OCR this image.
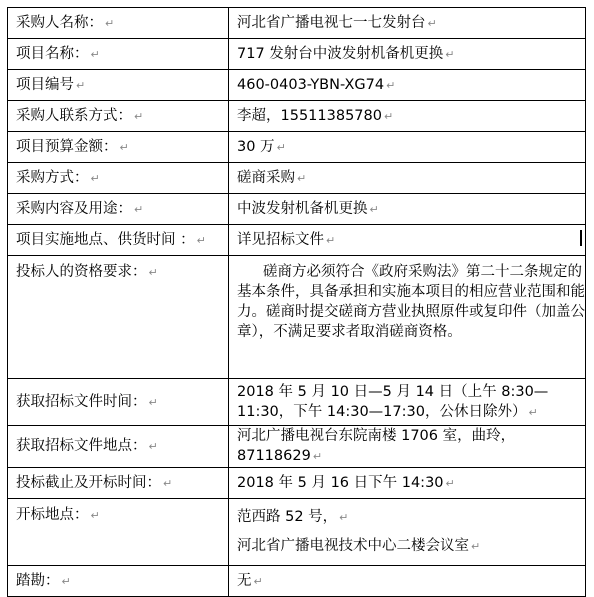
采购人名称： ↵	河北省广播电视七一七发射台 ↵
项目名称： ↵	717 发射台中波发射机备机更换 ↵
项目编号 ↵	460-0403-YBN-XG74 ↵
采购人联系方式： ↵	李超，15511385780 ↵
项目预算金额： ↵	30 万 ↵
采购方式： ↵	磋商采购 ↵
采购内容及用途： ↵	中波发射机备机更换 ↵
项目实施地点、供货时间 ： ↵	详见招标文件 ↵
投标人的资格要求： ↵	磋商方必须符合《政府采购法》第二十二条规定的基本条件，具备承担和实施本项目的相应营业范围和能力。磋商时提交磋商方营业执照原件或复印件（加盖公章），不满足要求者取消磋商资格。
获取招标文件时间： ↵	2018 年 5 月 10 日—5 月 14 日（上午 8:30—11:30，下午 14:30—17:30，公休日除外） ↵
获取招标文件地点： ↵	河北广播电视台东院南楼 1706 室，曲玲，87118629 ↵
投标截止及开标时间： ↵	2018 年 5 月 16 日下午 14:30 ↵
开标地点： ↵	范西路 52 号， ↵
河北省广播电视技术中心二楼会议室 ↵

踏勘： ↵	无 ↵
